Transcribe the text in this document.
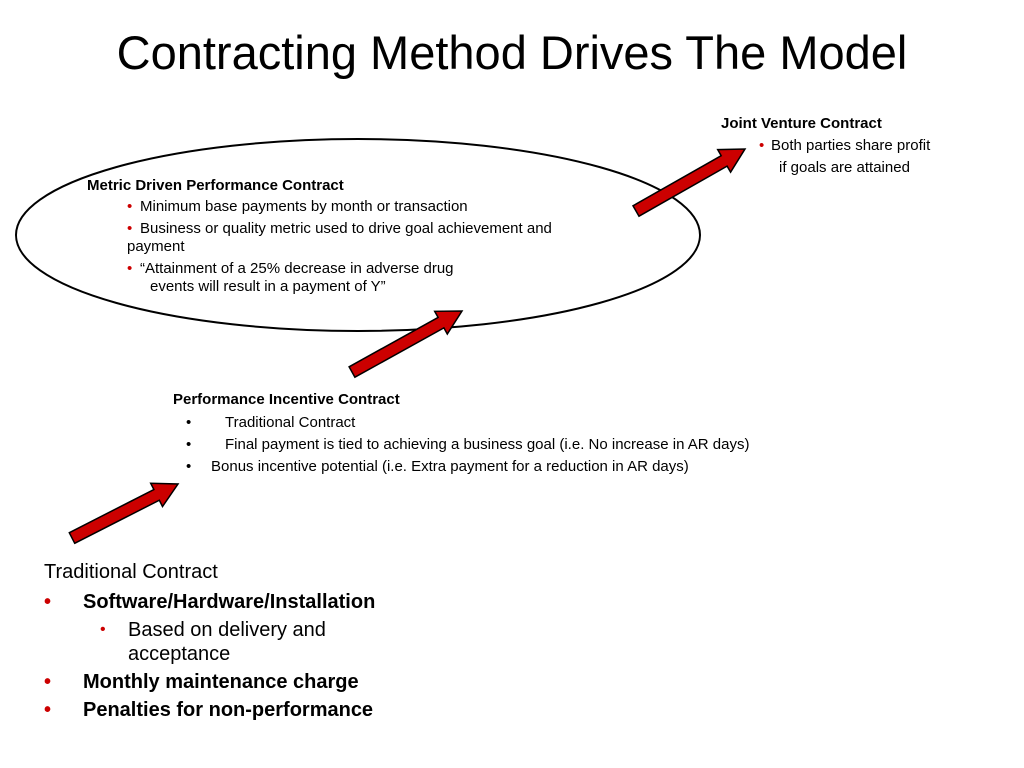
Contracting Method Drives The Model
Joint Venture Contract
• Both parties share profit
if goals are attained
Metric Driven Performance Contract
• Minimum base payments by month or transaction
• Business or quality metric used to drive goal achievement and
payment
• “Attainment of a 25% decrease in adverse drug
events will result in a payment of Y”
Performance Incentive Contract
• Traditional Contract
• Final payment is tied to achieving a business goal (i.e. No increase in AR days)
• Bonus incentive potential (i.e. Extra payment for a reduction in AR days)
Traditional Contract
• Software/Hardware/Installation
• Based on delivery and acceptance
• Monthly maintenance charge
• Penalties for non-performance
